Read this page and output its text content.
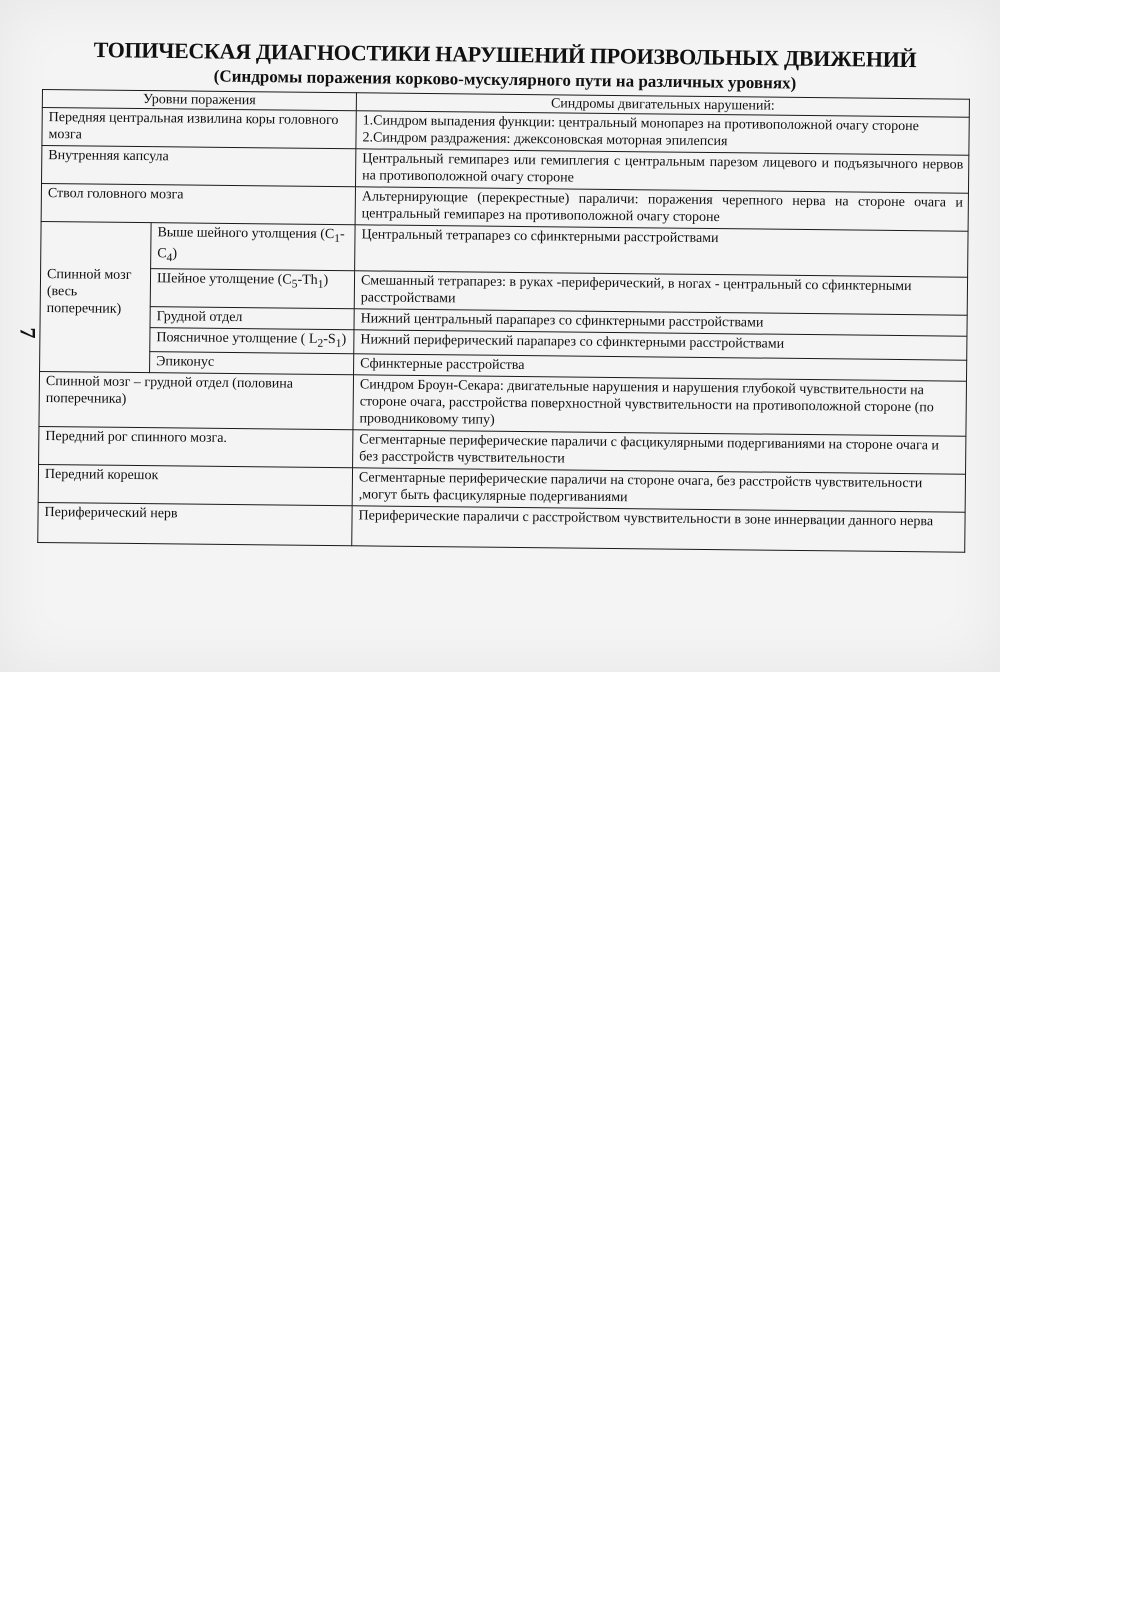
ТОПИЧЕСКАЯ ДИАГНОСТИКИ НАРУШЕНИЙ ПРОИЗВОЛЬНЫХ ДВИЖЕНИЙ
(Синдромы поражения корково-мускулярного пути на различных уровнях)
7
Уровни поражения		Синдромы двигательных нарушений:
Передняя центральная извилина коры головного мозга		1.Синдром выпадения функции: центральный монопарез на противоположной очагу стороне
2.Синдром раздражения: джексоновская моторная эпилепсия

Внутренняя капсула		Центральный гемипарез или гемиплегия с центральным парезом лицевого и подъязычного нервов на противоположной очагу стороне
Ствол головного мозга		Альтернирующие (перекрестные) параличи: поражения черепного нерва на стороне очага и центральный гемипарез на противоположной очагу стороне
Спинной мозг (весь поперечник)	Выше шейного утолщения $(C_1-C_4)$	Центральный тетрапарез со сфинктерными расстройствами
	Шейное утолщение $(C_5-Th_1)$	Смешанный тетрапарез: в руках -периферический, в ногах - центральный со сфинктерными расстройствами
	Грудной отдел	Нижний центральный парапарез со сфинктерными расстройствами
	Поясничное утолщение ( $L_2-S_1$)	Нижний периферический парапарез со сфинктерными расстройствами
	Эпиконус	Сфинктерные расстройства
Спинной мозг – грудной отдел (половина поперечника)		Синдром Броун-Секара: двигательные нарушения и нарушения глубокой чувствительности на стороне очага, расстройства поверхностной чувствительности на противоположной стороне (по проводниковому типу)
Передний рог спинного мозга.		Сегментарные периферические параличи с фасцикулярными подергиваниями на стороне очага и без расстройств чувствительности
Передний корешок		Сегментарные периферические параличи на стороне очага, без расстройств чувствительности ,могут быть фасцикулярные подергиваниями
Периферический нерв		Периферические параличи с расстройством чувствительности в зоне иннервации данного нерва
